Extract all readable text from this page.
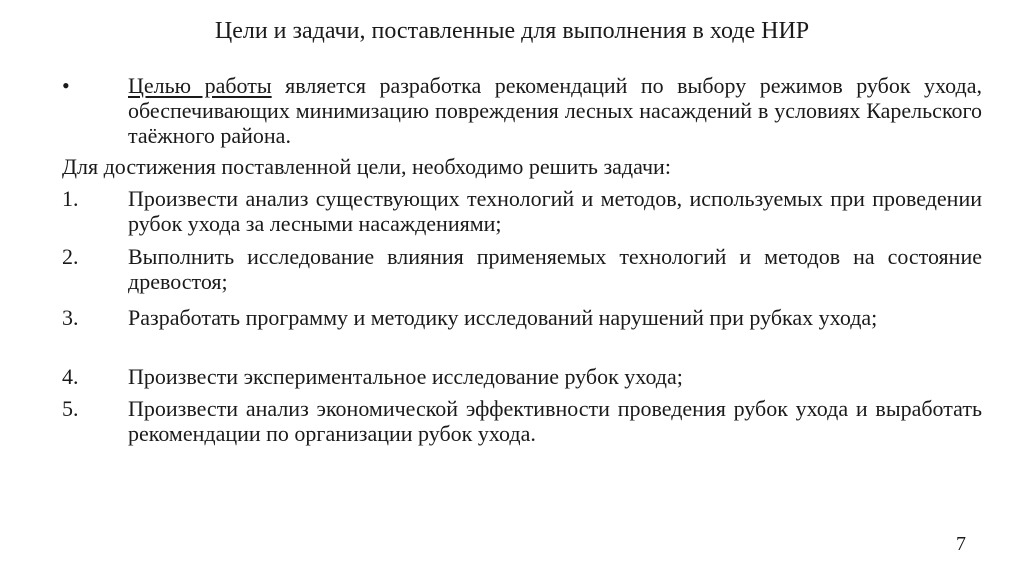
Цели и задачи, поставленные для выполнения в ходе НИР
•	Целью работы является разработка рекомендаций по выбору режимов рубок ухода, обеспечивающих минимизацию повреждения лесных насаждений в условиях Карельского таёжного района.
Для достижения поставленной цели, необходимо решить задачи:
1. Произвести анализ существующих технологий и методов, используемых при проведении рубок ухода за лесными насаждениями;
2. Выполнить исследование влияния применяемых технологий и методов на состояние древостоя;
3. Разработать программу и методику исследований нарушений при рубках ухода;
4. Произвести экспериментальное исследование рубок ухода;
5. Произвести анализ экономической эффективности проведения рубок ухода и выработать рекомендации по организации рубок ухода.
7
